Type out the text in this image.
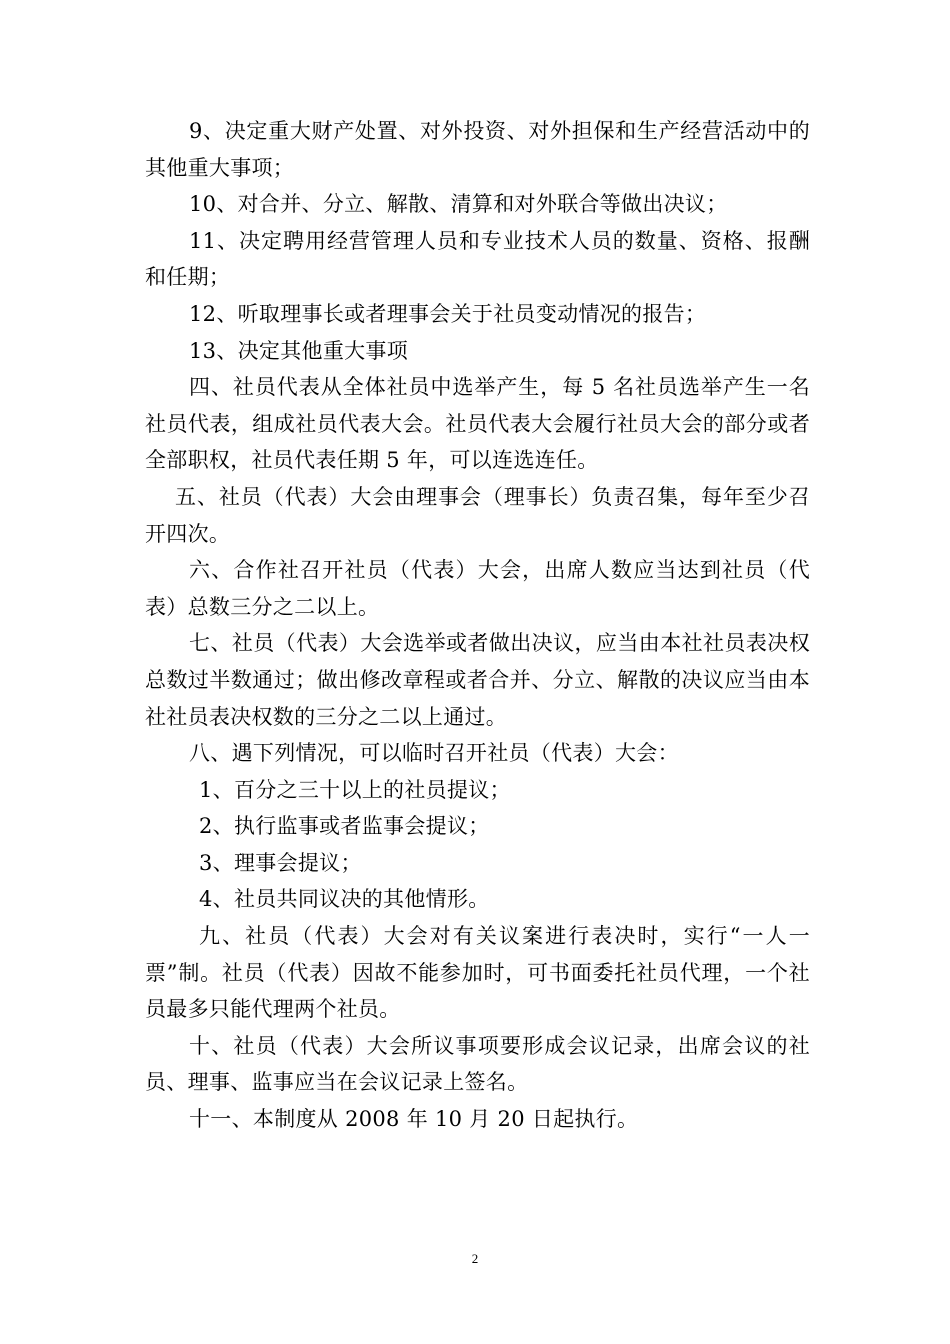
9、决定重大财产处置、对外投资、对外担保和生产经营活动中的其他重大事项；

10、对合并、分立、解散、清算和对外联合等做出决议；

11、决定聘用经营管理人员和专业技术人员的数量、资格、报酬和任期；

12、听取理事长或者理事会关于社员变动情况的报告；

13、决定其他重大事项

四、社员代表从全体社员中选举产生，每 5 名社员选举产生一名社员代表，组成社员代表大会。社员代表大会履行社员大会的部分或者全部职权，社员代表任期 5 年，可以连选连任。

五、社员（代表）大会由理事会（理事长）负责召集，每年至少召开四次。

六、合作社召开社员（代表）大会，出席人数应当达到社员（代表）总数三分之二以上。

七、社员（代表）大会选举或者做出决议，应当由本社社员表决权总数过半数通过；做出修改章程或者合并、分立、解散的决议应当由本社社员表决权数的三分之二以上通过。

八、遇下列情况，可以临时召开社员（代表）大会：

1、百分之三十以上的社员提议；

2、执行监事或者监事会提议；

3、理事会提议；

4、社员共同议决的其他情形。

九、社员（代表）大会对有关议案进行表决时，实行“一人一票”制。社员（代表）因故不能参加时，可书面委托社员代理，一个社员最多只能代理两个社员。

十、社员（代表）大会所议事项要形成会议记录，出席会议的社员、理事、监事应当在会议记录上签名。

十一、本制度从 2008 年 10 月 20 日起执行。

2
